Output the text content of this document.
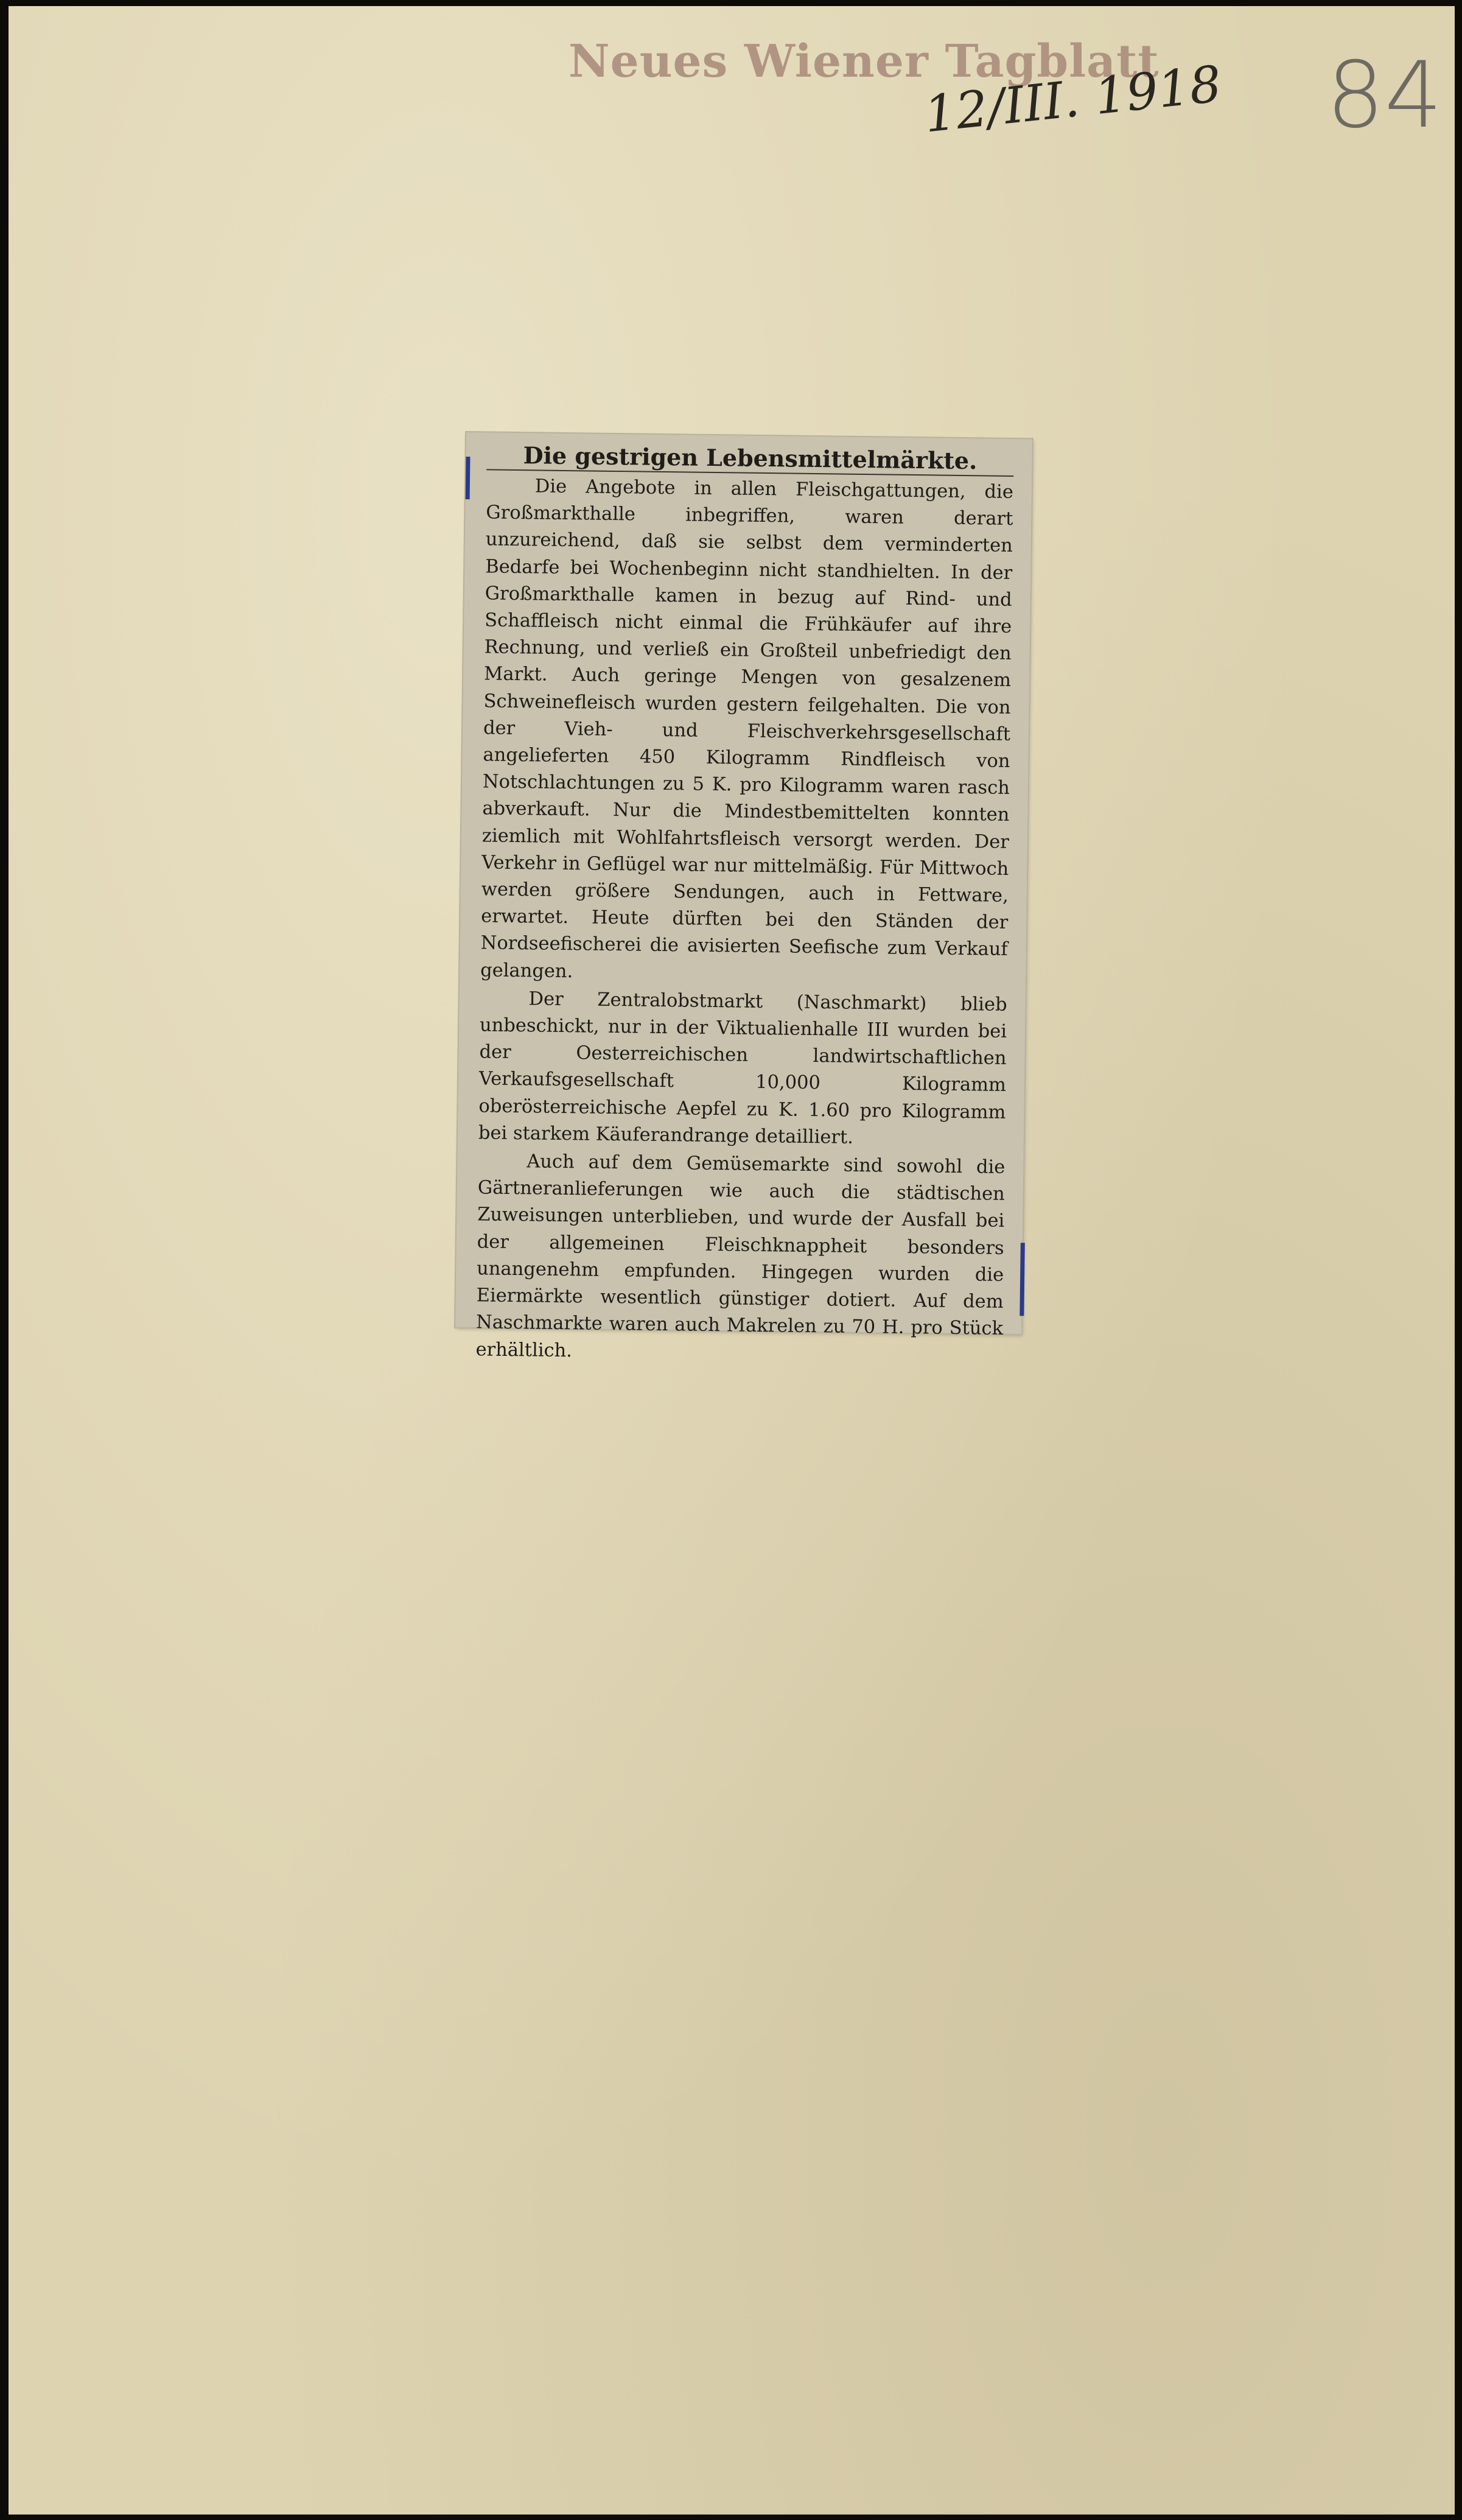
Neues Wiener Tagblatt
12/III. 1918 84
Die gestrigen Lebensmittelmärkte.

Die Angebote in allen Fleischgattungen, die Großmarkthalle inbegriffen, waren derart unzureichend, daß sie selbst dem verminderten Bedarfe bei Wochenbeginn nicht standhielten. In der Großmarkthalle kamen in bezug auf Rind- und Schaffleisch nicht einmal die Frühkäufer auf ihre Rechnung, und verließ ein Großteil unbefriedigt den Markt. Auch geringe Mengen von gesalzenem Schweinefleisch wurden gestern feilgehalten. Die von der Vieh- und Fleischverkehrsgesellschaft angelieferten 450 Kilogramm Rindfleisch von Notschlachtungen zu 5 K. pro Kilogramm waren rasch abverkauft. Nur die Mindestbemittelten konnten ziemlich mit Wohlfahrtsfleisch versorgt werden. Der Verkehr in Geflügel war nur mittelmäßig. Für Mittwoch werden größere Sendungen, auch in Fettware, erwartet. Heute dürften bei den Ständen der Nordseefischerei die avisierten Seefische zum Verkauf gelangen.

Der Zentralobstmarkt (Naschmarkt) blieb unbeschickt, nur in der Viktualienhalle III wurden bei der Oesterreichischen landwirtschaftlichen Verkaufsgesellschaft 10,000 Kilogramm oberösterreichische Aepfel zu K. 1.60 pro Kilogramm bei starkem Käuferandrange detailliert.

Auch auf dem Gemüsemarkte sind sowohl die Gärtneranlieferungen wie auch die städtischen Zuweisungen unterblieben, und wurde der Ausfall bei der allgemeinen Fleischknappheit besonders unangenehm empfunden. Hingegen wurden die Eiermärkte wesentlich günstiger dotiert. Auf dem Naschmarkte waren auch Makrelen zu 70 H. pro Stück erhältlich.
